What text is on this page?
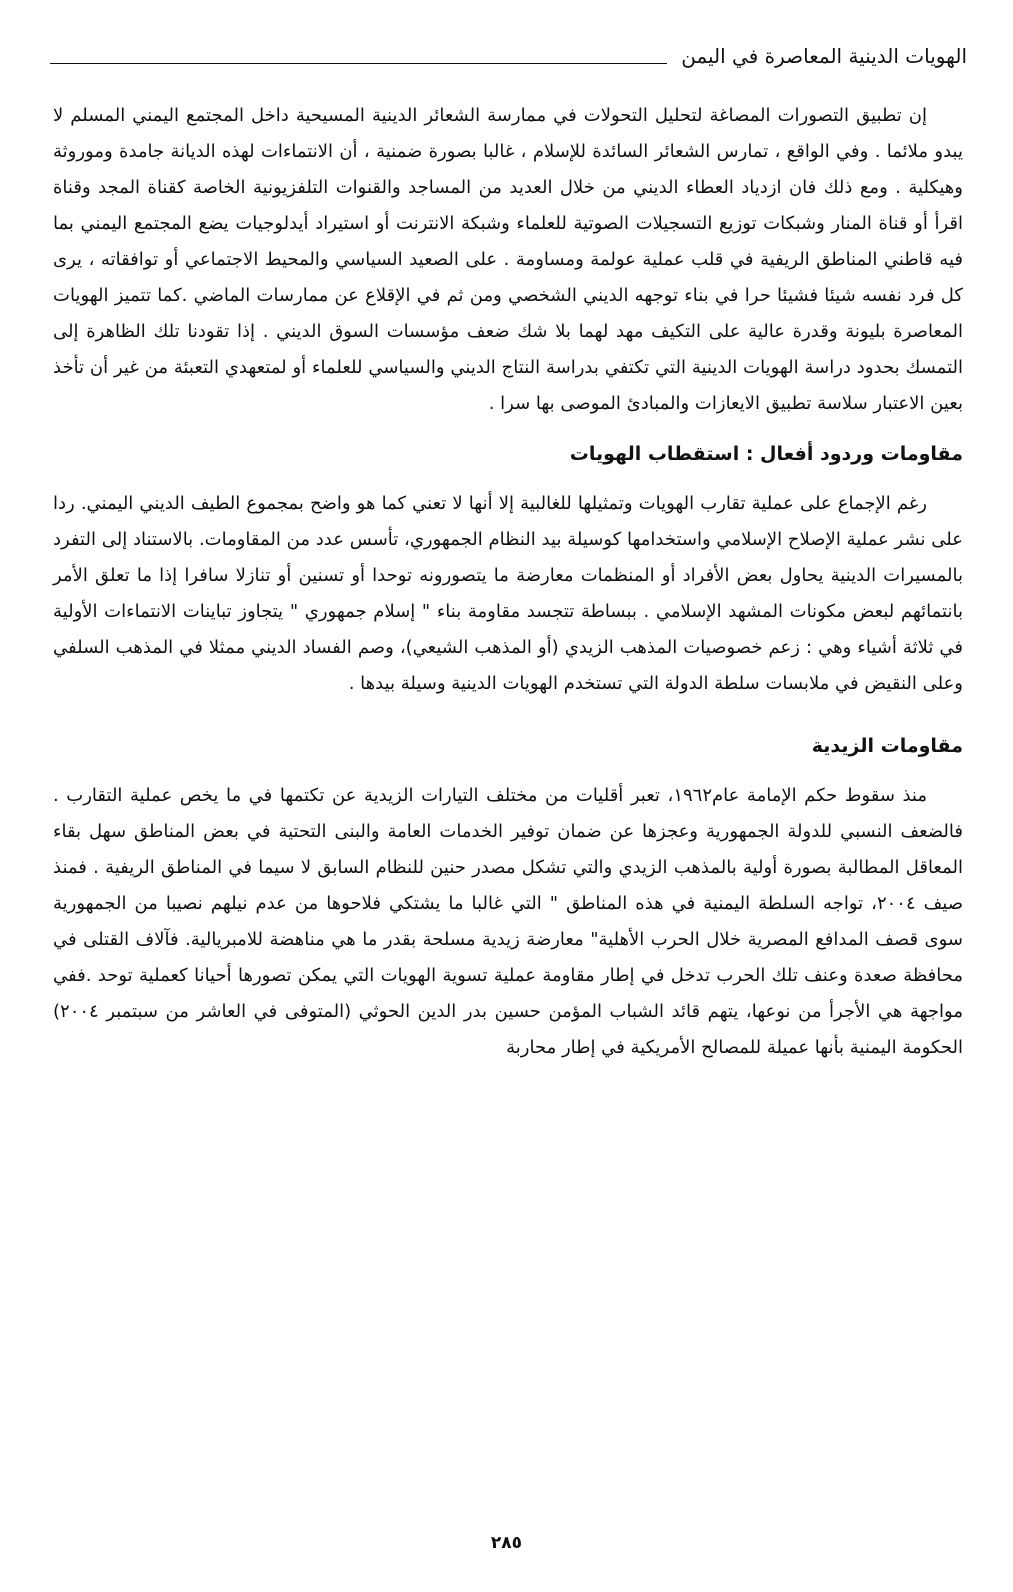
الهويات الدينية المعاصرة في اليمن

إن تطبيق التصورات المصاغة لتحليل التحولات في ممارسة الشعائر الدينية المسيحية داخل المجتمع اليمني المسلم لا يبدو ملائما . وفي الواقع ، تمارس الشعائر السائدة للإسلام ، غالبا بصورة ضمنية ، أن الانتماءات لهذه الديانة جامدة وموروثة وهيكلية . ومع ذلك فان ازدياد العطاء الديني من خلال العديد من المساجد والقنوات التلفزيونية الخاصة كقناة المجد وقناة اقرأ أو قناة المنار وشبكات توزيع التسجيلات الصوتية للعلماء وشبكة الانترنت أو استيراد أيدلوجيات يضع المجتمع اليمني بما فيه قاطني المناطق الريفية في قلب عملية عولمة ومساومة . على الصعيد السياسي والمحيط الاجتماعي أو توافقاته ، يرى كل فرد نفسه شيئا فشيئا حرا في بناء توجهه الديني الشخصي ومن ثم في الإقلاع عن ممارسات الماضي .كما تتميز الهويات المعاصرة بليونة وقدرة عالية على التكيف مهد لهما بلا شك ضعف مؤسسات السوق الديني . إذا تقودنا تلك الظاهرة إلى التمسك بحدود دراسة الهويات الدينية التي تكتفي بدراسة النتاج الديني والسياسي للعلماء أو لمتعهدي التعبئة من غير أن تأخذ بعين الاعتبار سلاسة تطبيق الايعازات والمبادئ الموصى بها سرا .

مقاومات وردود أفعال : استقطاب الهويات

رغم الإجماع على عملية تقارب الهويات وتمثيلها للغالبية إلا أنها لا تعني كما هو واضح بمجموع الطيف الديني اليمني. ردا على نشر عملية الإصلاح الإسلامي واستخدامها كوسيلة بيد النظام الجمهوري، تأسس عدد من المقاومات. بالاستناد إلى التفرد بالمسيرات الدينية يحاول بعض الأفراد أو المنظمات معارضة ما يتصورونه توحدا أو تسنين أو تنازلا سافرا إذا ما تعلق الأمر بانتمائهم لبعض مكونات المشهد الإسلامي . ببساطة تتجسد مقاومة بناء " إسلام جمهوري " يتجاوز تباينات الانتماءات الأولية في ثلاثة أشياء وهي : زعم خصوصيات المذهب الزيدي (أو المذهب الشيعي)، وصم الفساد الديني ممثلا في المذهب السلفي وعلى النقيض في ملابسات سلطة الدولة التي تستخدم الهويات الدينية وسيلة بيدها .

مقاومات الزيدية

منذ سقوط حكم الإمامة عام١٩٦٢، تعبر أقليات من مختلف التيارات الزيدية عن تكتمها في ما يخص عملية التقارب . فالضعف النسبي للدولة الجمهورية وعجزها عن ضمان توفير الخدمات العامة والبنى التحتية في بعض المناطق سهل بقاء المعاقل المطالبة بصورة أولية بالمذهب الزيدي والتي تشكل مصدر حنين للنظام السابق لا سيما في المناطق الريفية . فمنذ صيف ٢٠٠٤، تواجه السلطة اليمنية في هذه المناطق " التي غالبا ما يشتكي فلاحوها من عدم نيلهم نصيبا من الجمهورية سوى قصف المدافع المصرية خلال الحرب الأهلية" معارضة زيدية مسلحة بقدر ما هي مناهضة للامبريالية. فآلاف القتلى في محافظة صعدة وعنف تلك الحرب تدخل في إطار مقاومة عملية تسوية الهويات التي يمكن تصورها أحيانا كعملية توحد .ففي مواجهة هي الأجرأ من نوعها، يتهم قائد الشباب المؤمن حسين بدر الدين الحوثي (المتوفى في العاشر من سبتمبر ٢٠٠٤) الحكومة اليمنية بأنها عميلة للمصالح الأمريكية في إطار محاربة

٢٨٥
